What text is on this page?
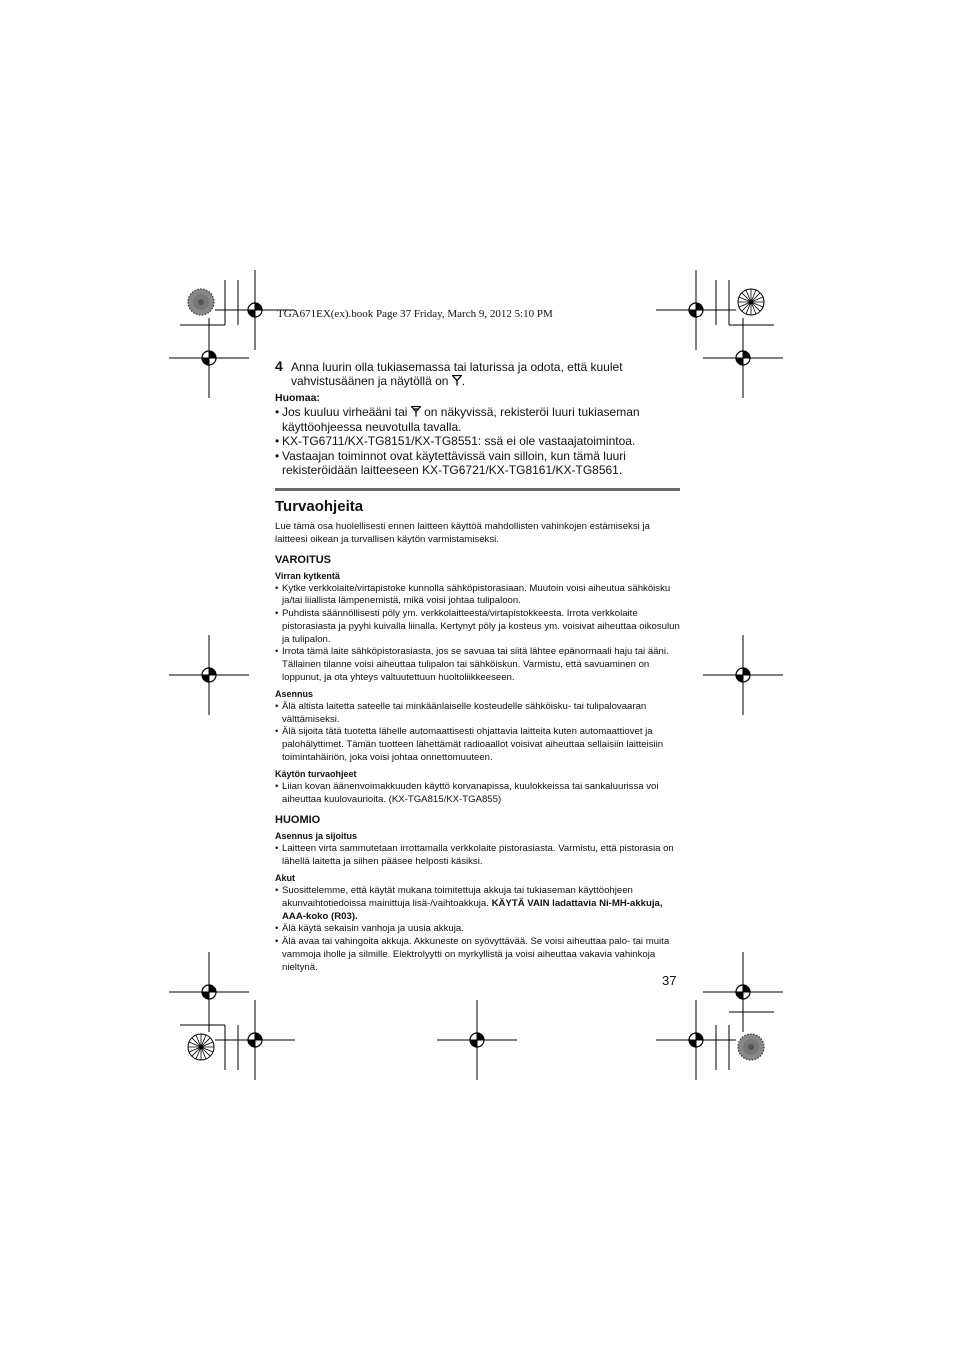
TGA671EX(ex).book Page 37 Friday, March 9, 2012 5:10 PM
4 Anna luurin olla tukiasemassa tai laturissa ja odota, että kuulet
vahvistusäänen ja näytöllä on .
Huomaa:
• Jos kuuluu virheääni tai on näkyvissä, rekisteröi luuri tukiaseman käyttöohjeessa neuvotulla tavalla.
• KX-TG6711/KX-TG8151/KX-TG8551: ssä ei ole vastaajatoimintoa.
• Vastaajan toiminnot ovat käytettävissä vain silloin, kun tämä luuri rekisteröidään laitteeseen KX-TG6721/KX-TG8161/KX-TG8561.
Turvaohjeita
Lue tämä osa huolellisesti ennen laitteen käyttöä mahdollisten vahinkojen estämiseksi ja laitteesi oikean ja turvallisen käytön varmistamiseksi.
VAROITUS
Virran kytkentä
• Kytke verkkolaite/virtapistoke kunnolla sähköpistorasiaan. Muutoin voisi aiheutua sähköisku ja/tai liiallista lämpenemistä, mikä voisi johtaa tulipaloon.
• Puhdista säännöllisesti pöly ym. verkkolaitteesta/virtapistokkeesta. Irrota verkkolaite pistorasiasta ja pyyhi kuivalla liinalla. Kertynyt pöly ja kosteus ym. voisivat aiheuttaa oikosulun ja tulipalon.
• Irrota tämä laite sähköpistorasiasta, jos se savuaa tai siitä lähtee epänormaali haju tai ääni. Tällainen tilanne voisi aiheuttaa tulipalon tai sähköiskun. Varmistu, että savuaminen on loppunut, ja ota yhteys valtuutettuun huoltoliikkeeseen.
Asennus
• Älä altista laitetta sateelle tai minkäänlaiselle kosteudelle sähköisku- tai tulipalovaaran välttämiseksi.
• Älä sijoita tätä tuotetta lähelle automaattisesti ohjattavia laitteita kuten automaattiovet ja palohälyttimet. Tämän tuotteen lähettämät radioaallot voisivat aiheuttaa sellaisiin laitteisiin toimintahäiriön, joka voisi johtaa onnettomuuteen.
Käytön turvaohjeet
• Liian kovan äänenvoimakkuuden käyttö korvanapissa, kuulokkeissa tai sankaluurissa voi aiheuttaa kuulovaurioita. (KX-TGA815/KX-TGA855)
HUOMIO
Asennus ja sijoitus
• Laitteen virta sammutetaan irrottamalla verkkolaite pistorasiasta. Varmistu, että pistorasia on lähellä laitetta ja siihen pääsee helposti käsiksi.
Akut
• Suosittelemme, että käytät mukana toimitettuja akkuja tai tukiaseman käyttöohjeen akunvaihtotiedoissa mainittuja lisä-/vaihtoakkuja. KÄYTÄ VAIN ladattavia Ni-MH-akkuja, AAA-koko (R03).
• Älä käytä sekaisin vanhoja ja uusia akkuja.
• Älä avaa tai vahingoita akkuja. Akkuneste on syövyttävää. Se voisi aiheuttaa palo- tai muita vammoja iholle ja silmille. Elektrolyytti on myrkyllistä ja voisi aiheuttaa vakavia vahinkoja nieltynä.
37
